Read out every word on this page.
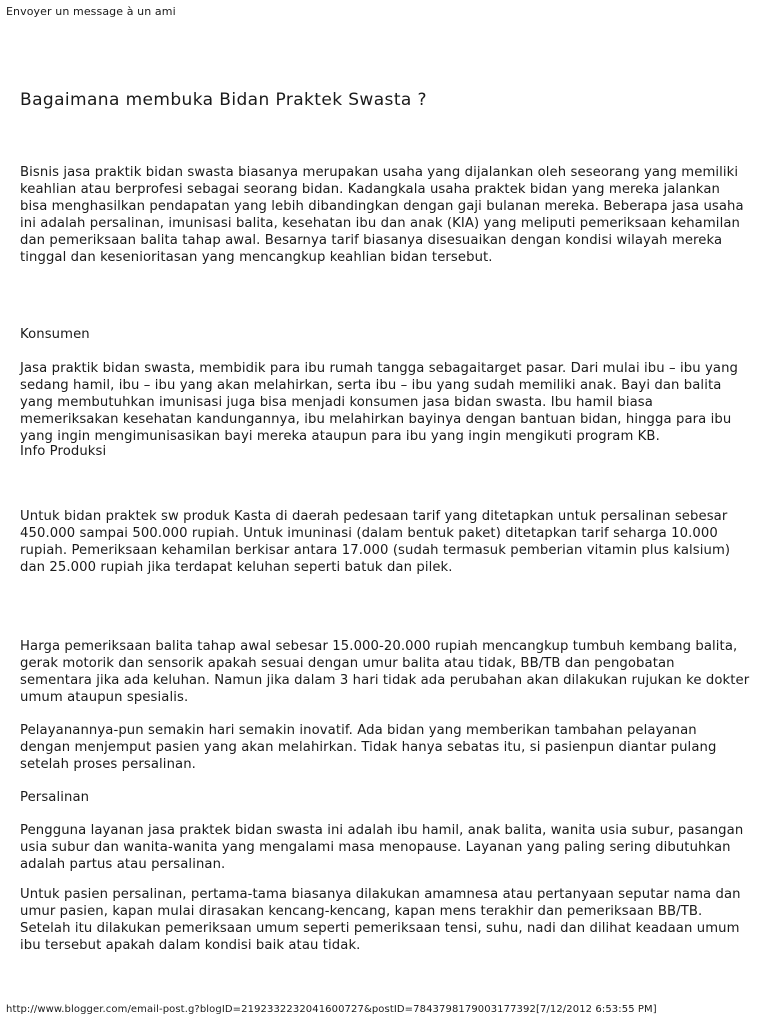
Envoyer un message à un ami
Bagaimana membuka Bidan Praktek Swasta ?

Bisnis jasa praktik bidan swasta biasanya merupakan usaha yang dijalankan oleh seseorang yang memiliki keahlian atau berprofesi sebagai seorang bidan. Kadangkala usaha praktek bidan yang mereka jalankan bisa menghasilkan pendapatan yang lebih dibandingkan dengan gaji bulanan mereka. Beberapa jasa usaha ini adalah persalinan, imunisasi balita, kesehatan ibu dan anak (KIA) yang meliputi pemeriksaan kehamilan dan pemeriksaan balita tahap awal. Besarnya tarif biasanya disesuaikan dengan kondisi wilayah mereka tinggal dan kesenioritasan yang mencangkup keahlian bidan tersebut.

Konsumen

Jasa praktik bidan swasta, membidik para ibu rumah tangga sebagaitarget pasar. Dari mulai ibu – ibu yang sedang hamil, ibu – ibu yang akan melahirkan, serta ibu – ibu yang sudah memiliki anak. Bayi dan balita yang membutuhkan imunisasi juga bisa menjadi konsumen jasa bidan swasta. Ibu hamil biasa memeriksakan kesehatan kandungannya, ibu melahirkan bayinya dengan bantuan bidan, hingga para ibu yang ingin mengimunisasikan bayi mereka ataupun para ibu yang ingin mengikuti program KB.

Info Produksi

Untuk bidan praktek sw produk Kasta di daerah pedesaan tarif yang ditetapkan untuk persalinan sebesar 450.000 sampai 500.000 rupiah. Untuk imuninasi (dalam bentuk paket) ditetapkan tarif seharga 10.000 rupiah. Pemeriksaan kehamilan berkisar antara 17.000 (sudah termasuk pemberian vitamin plus kalsium) dan 25.000 rupiah jika terdapat keluhan seperti batuk dan pilek.

Harga pemeriksaan balita tahap awal sebesar 15.000-20.000 rupiah mencangkup tumbuh kembang balita, gerak motorik dan sensorik apakah sesuai dengan umur balita atau tidak, BB/TB dan pengobatan sementara jika ada keluhan. Namun jika dalam 3 hari tidak ada perubahan akan dilakukan rujukan ke dokter umum ataupun spesialis.

Pelayanannya-pun semakin hari semakin inovatif. Ada bidan yang memberikan tambahan pelayanan dengan menjemput pasien yang akan melahirkan. Tidak hanya sebatas itu, si pasienpun diantar pulang setelah proses persalinan.

Persalinan

Pengguna layanan jasa praktek bidan swasta ini adalah ibu hamil, anak balita, wanita usia subur, pasangan usia subur dan wanita-wanita yang mengalami masa menopause. Layanan yang paling sering dibutuhkan adalah partus atau persalinan.

Untuk pasien persalinan, pertama-tama biasanya dilakukan amamnesa atau pertanyaan seputar nama dan umur pasien, kapan mulai dirasakan kencang-kencang, kapan mens terakhir dan pemeriksaan BB/TB. Setelah itu dilakukan pemeriksaan umum seperti pemeriksaan tensi, suhu, nadi dan dilihat keadaan umum ibu tersebut apakah dalam kondisi baik atau tidak.

http://www.blogger.com/email-post.g?blogID=2192332232041600727&postID=7843798179003177392[7/12/2012 6:53:55 PM]
